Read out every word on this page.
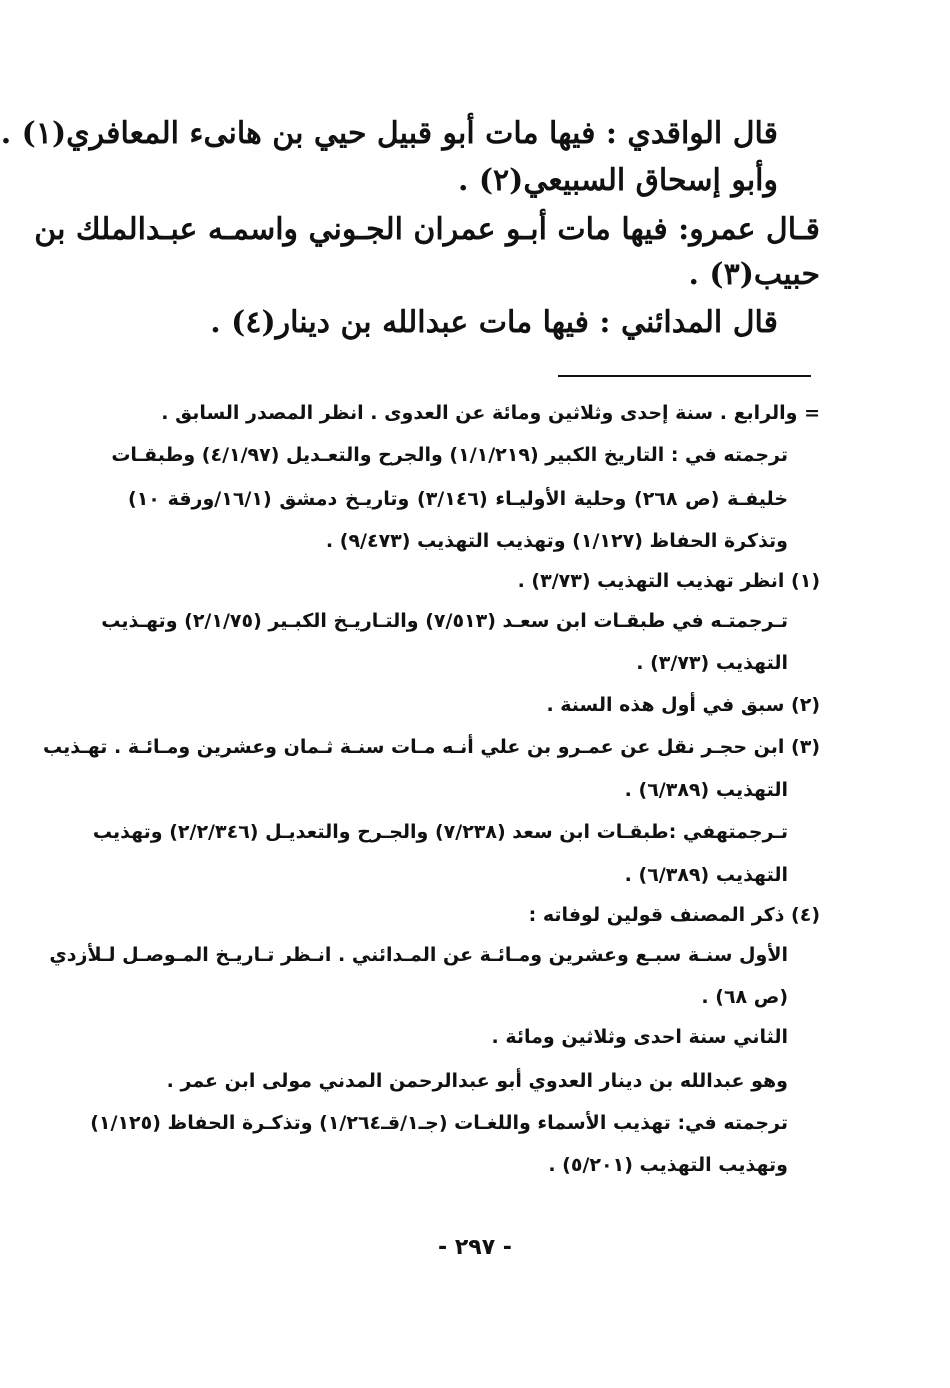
قال الواقدي : فيها مات أبو قبيل حيي بن هانىء المعافري(١) .
وأبو إسحاق السبيعي(٢) .
قـال عمرو: فيها مات أبـو عمران الجـوني واسمـه عبـدالملك بن
حبيب(٣) .
قال المدائني : فيها مات عبدالله بن دينار(٤) .
= والرابع . سنة إحدى وثلاثين ومائة عن العدوى . انظر المصدر السابق .
ترجمته في : التاريخ الكبير (١/١/٢١٩) والجرح والتعـديل (٤/١/٩٧) وطبقـات
خليفـة (ص ٢٦٨) وحلية الأوليـاء (٣/١٤٦) وتاريـخ دمشق (١٦/١/ورقة ١٠)
وتذكرة الحفاظ (١/١٢٧) وتهذيب التهذيب (٩/٤٧٣) .
(١) انظر تهذيب التهذيب (٣/٧٣) .
تـرجمتـه في طبقـات ابن سعـد (٧/٥١٣) والتـاريـخ الكبـير (٢/١/٧٥) وتهـذيب
التهذيب (٣/٧٣) .
(٢) سبق في أول هذه السنة .
(٣) ابن حجـر نقل عن عمـرو بن علي أنـه مـات سنـة ثـمان وعشرين ومـائـة . تهـذيب
التهذيب (٦/٣٨٩) .
تـرجمتهفي :طبقـات ابن سعد (٧/٢٣٨) والجـرح والتعديـل (٢/٢/٣٤٦) وتهذيب
التهذيب (٦/٣٨٩) .
(٤) ذكر المصنف قولين لوفاته :
الأول سنـة سبـع وعشرين ومـائـة عن المـدائني . انـظر تـاريـخ المـوصـل لـلأزدي
(ص ٦٨) .
الثاني سنة احدى وثلاثين ومائة .
وهو عبدالله بن دينار العدوي أبو عبدالرحمن المدني مولى ابن عمر .
ترجمته في: تهذيب الأسماء واللغـات (جـ١/قـ١/٢٦٤) وتذكـرة الحفاظ (١/١٢٥)
وتهذيب التهذيب (٥/٢٠١) .
- ٢٩٧ -
